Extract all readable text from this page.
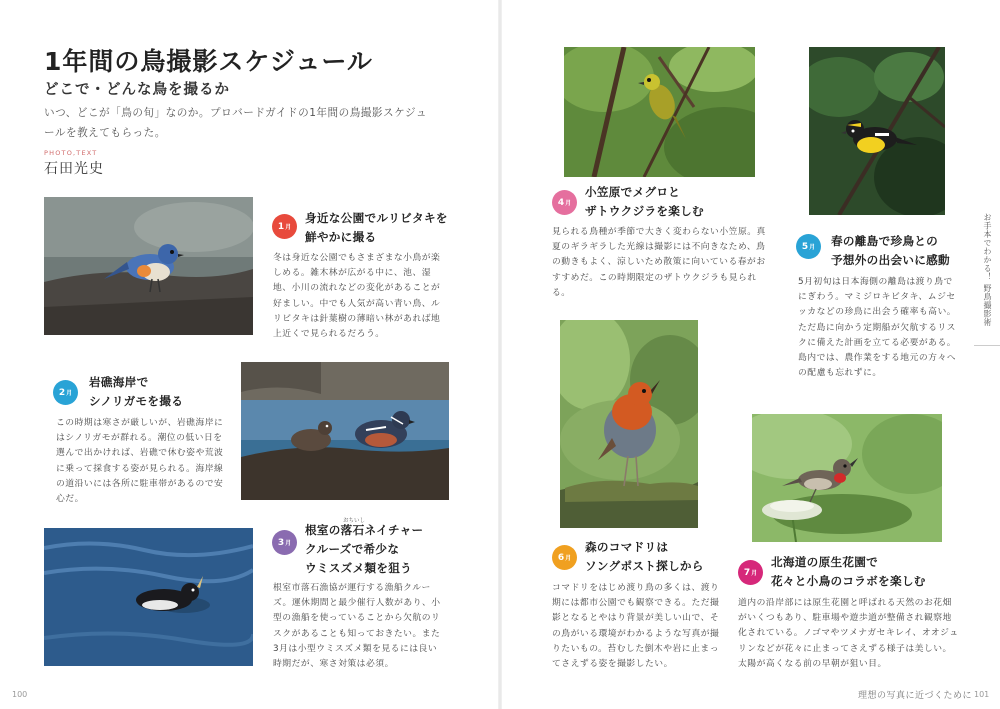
1年間の鳥撮影スケジュール
どこで・どんな鳥を撮るか
いつ、どこが「鳥の旬」なのか。プロバードガイドの1年間の鳥撮影スケジュールを教えてもらった。
PHOTO,TEXT
石田光史
1 月
身近な公園でルリビタキを
鮮やかに撮る
冬は身近な公園でもさまざまな小鳥が楽しめる。雑木林が広がる中に、池、湿地、小川の流れなどの変化があることが好ましい。中でも人気が高い青い鳥、ルリビタキは針葉樹の薄暗い林があれば地上近くで見られるだろう。
2 月
岩礁海岸で
シノリガモを撮る
この時期は寒さが厳しいが、岩礁海岸にはシノリガモが群れる。潮位の低い日を選んで出かければ、岩礁で休む姿や荒波に乗って採食する姿が見られる。海岸線の道沿いには各所に駐車帯があるので安心だ。
3 月
おちいし
根室の落石ネイチャー
クルーズで希少な
ウミスズメ類を狙う
根室市落石漁協が運行する漁船クルーズ。運休期間と最少催行人数があり、小型の漁船を使っていることから欠航のリスクがあることも知っておきたい。また3月は小型ウミスズメ類を見るには良い時期だが、寒さ対策は必須。
4 月
小笠原でメグロと
ザトウクジラを楽しむ
見られる鳥種が季節で大きく変わらない小笠原。真夏のギラギラした光線は撮影には不向きなため、鳥の動きもよく、涼しいため散策に向いている春がおすすめだ。この時期限定のザトウクジラも見られる。
5 月 春の離島で珍鳥との
予想外の出会いに感動
5月初旬は日本海側の離島は渡り鳥でにぎわう。マミジロキビタキ、ムジセッカなどの珍鳥に出会う確率も高い。ただ島に向かう定期船が欠航するリスクに備えた計画を立てる必要がある。島内では、農作業をする地元の方々への配慮も忘れずに。
6 月
森のコマドリは
ソングポスト探しから
コマドリをはじめ渡り鳥の多くは、渡り期には都市公園でも観察できる。ただ撮影となるとやはり背景が美しい山で、その鳥がいる環境がわかるような写真が撮りたいもの。苔むした倒木や岩に止まってさえずる姿を撮影したい。
7 月
北海道の原生花園で
花々と小鳥のコラボを楽しむ
道内の沿岸部には原生花園と呼ばれる天然のお花畑がいくつもあり、駐車場や遊歩道が整備され観察地化されている。ノゴマやツメナガセキレイ、オオジュリンなどが花々に止まってさえずる様子は美しい。太陽が高くなる前の早朝が狙い目。
お手本でわかる！ 野鳥撮影術
100	理想の写真に近づくために 101
